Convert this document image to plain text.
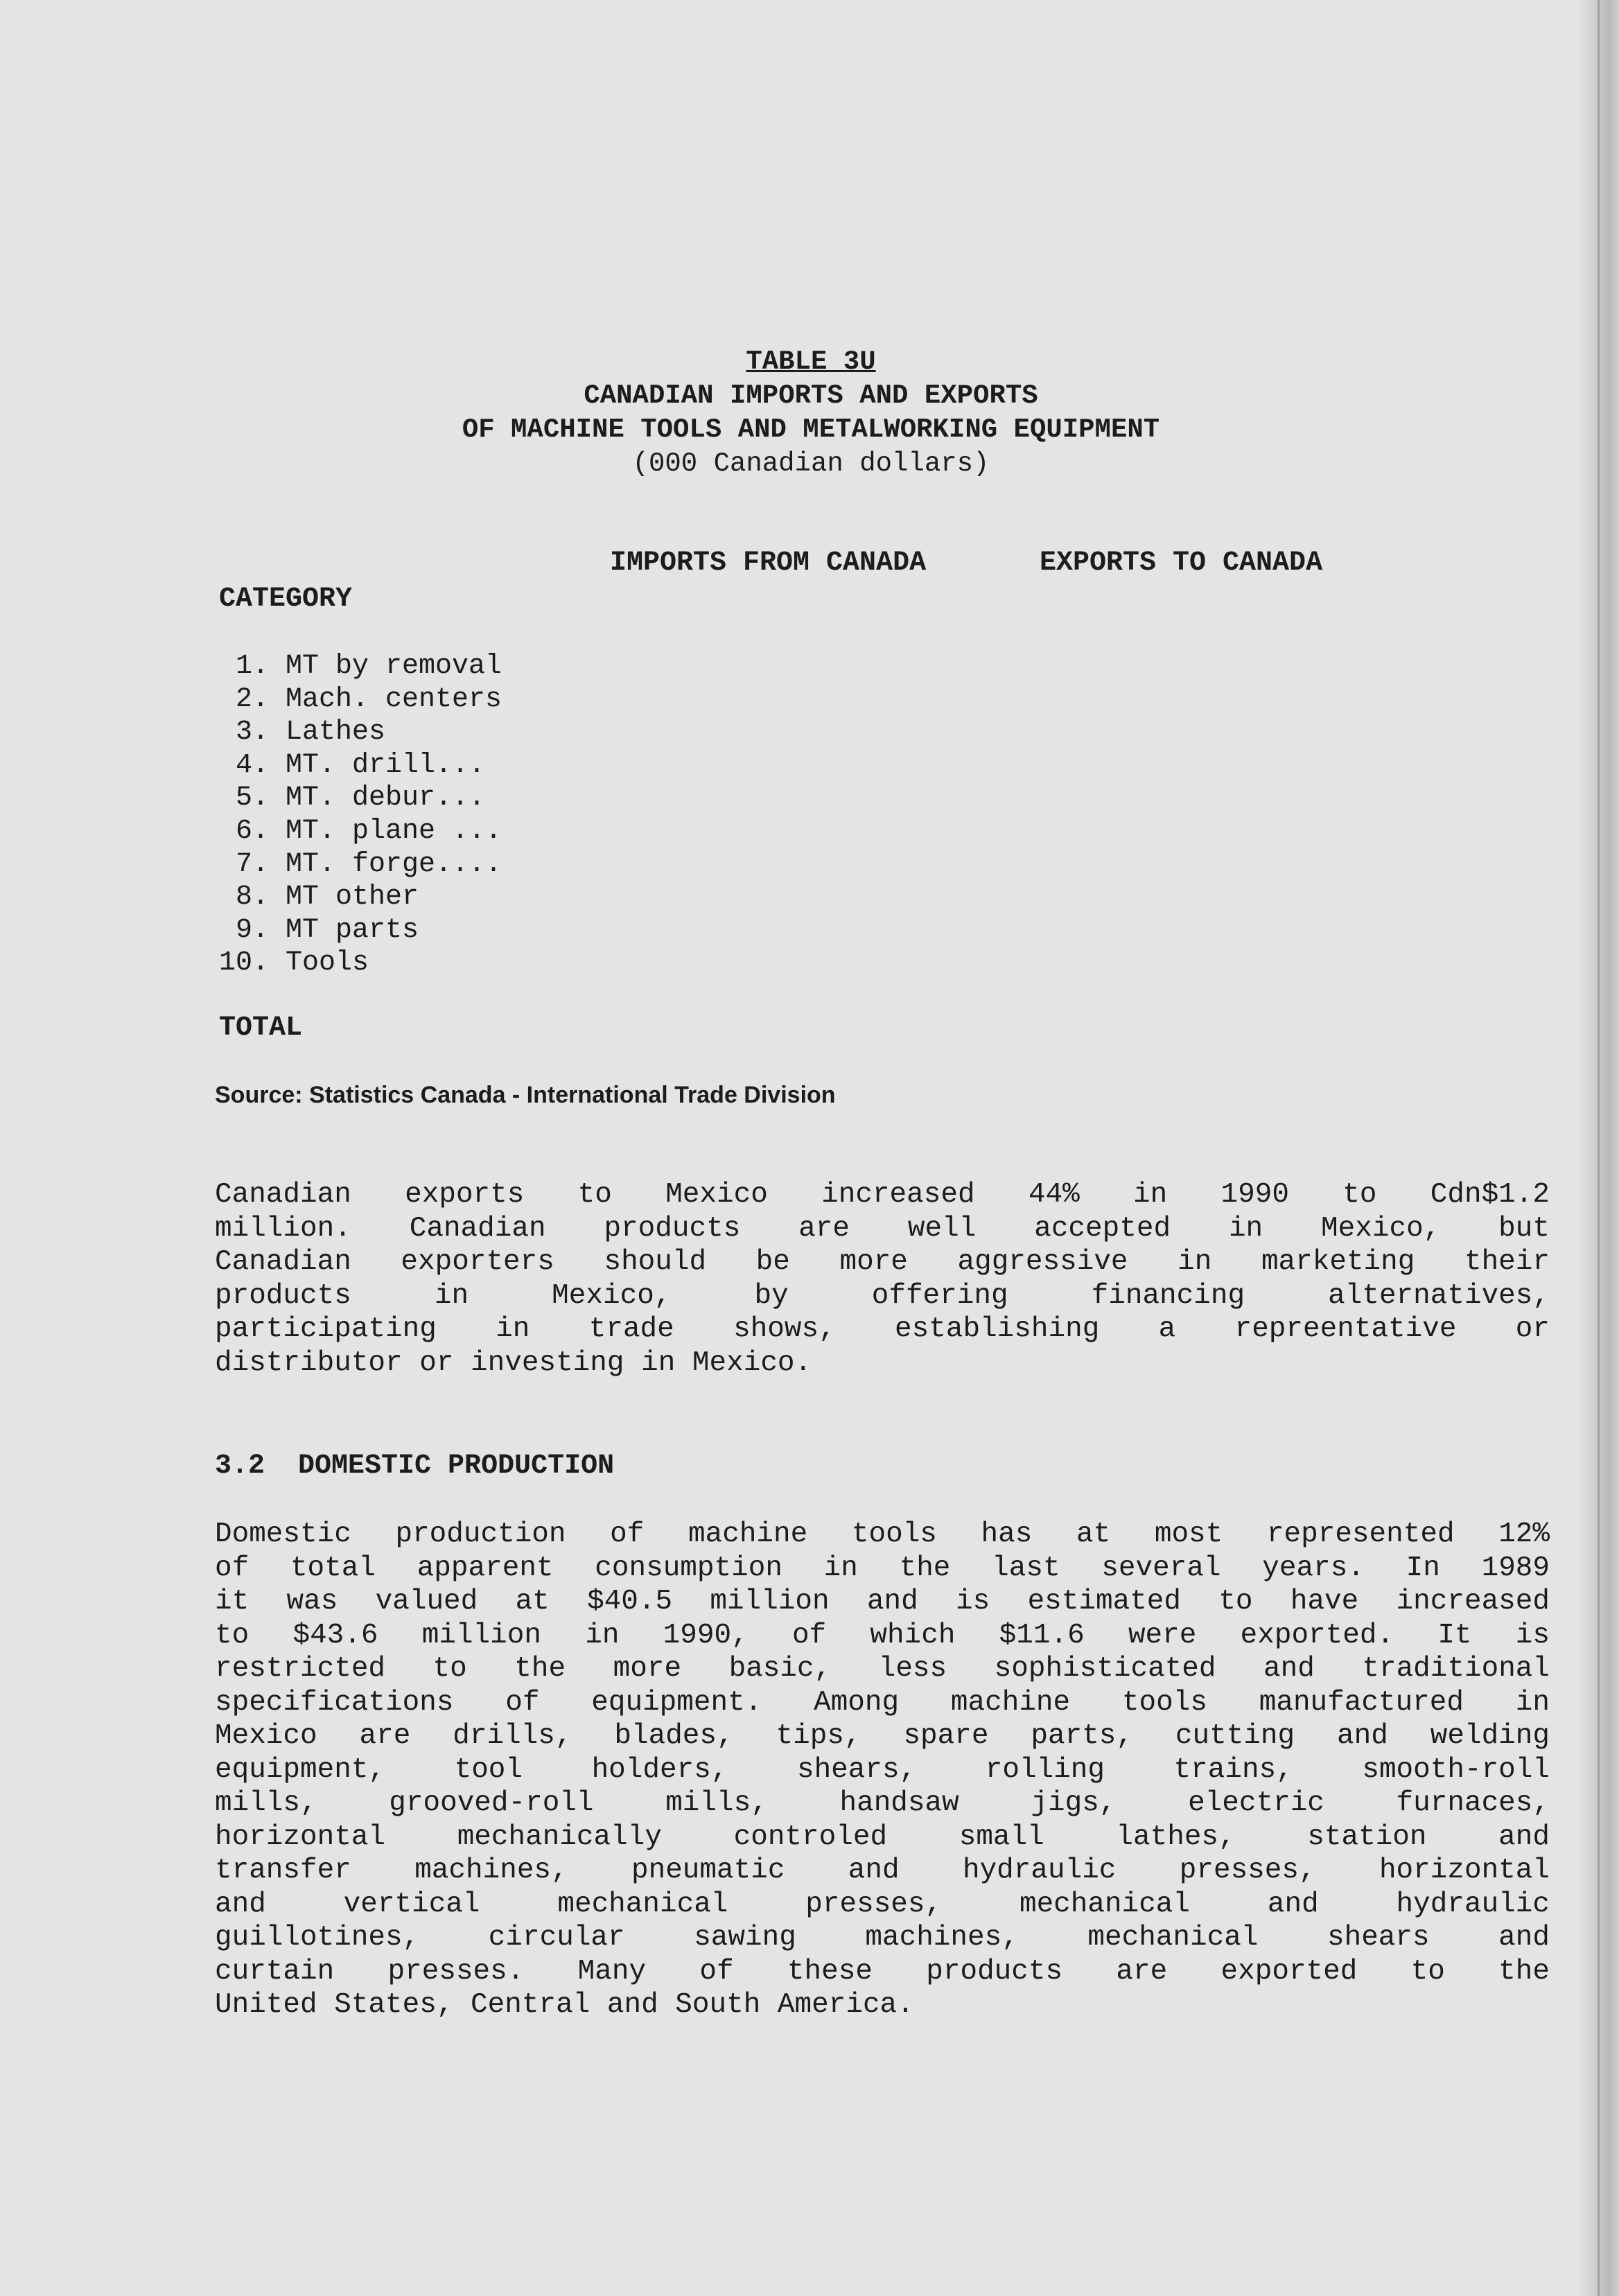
TABLE 3U
CANADIAN IMPORTS AND EXPORTS
OF MACHINE TOOLS AND METALWORKING EQUIPMENT
(000 Canadian dollars)
IMPORTS FROM CANADA	EXPORTS TO CANADA
CATEGORY
1. MT by removal
2. Mach. centers
3. Lathes
4. MT. drill...
5. MT. debur...
6. MT. plane ...
7. MT. forge....
8. MT other
9. MT parts
10. Tools
TOTAL
Source: Statistics Canada - International Trade Division
Canadian exports to Mexico increased 44% in 1990 to Cdn$1.2
million. Canadian products are well accepted in Mexico, but
Canadian exporters should be more aggressive in marketing their
products in Mexico, by offering financing alternatives,
participating in trade shows, establishing a repreentative or
distributor or investing in Mexico.
3.2  DOMESTIC PRODUCTION
Domestic production of machine tools has at most represented 12%
of total apparent consumption in the last several years. In 1989
it was valued at $40.5 million and is estimated to have increased
to $43.6 million in 1990, of which $11.6 were exported. It is
restricted to the more basic, less sophisticated and traditional
specifications of equipment. Among machine tools manufactured in
Mexico are drills, blades, tips, spare parts, cutting and welding
equipment, tool holders, shears, rolling trains, smooth-roll
mills, grooved-roll mills, handsaw jigs, electric furnaces,
horizontal mechanically controled small lathes, station and
transfer machines, pneumatic and hydraulic presses, horizontal
and vertical mechanical presses, mechanical and hydraulic
guillotines, circular sawing machines, mechanical shears and
curtain presses. Many of these products are exported to the
United States, Central and South America.
